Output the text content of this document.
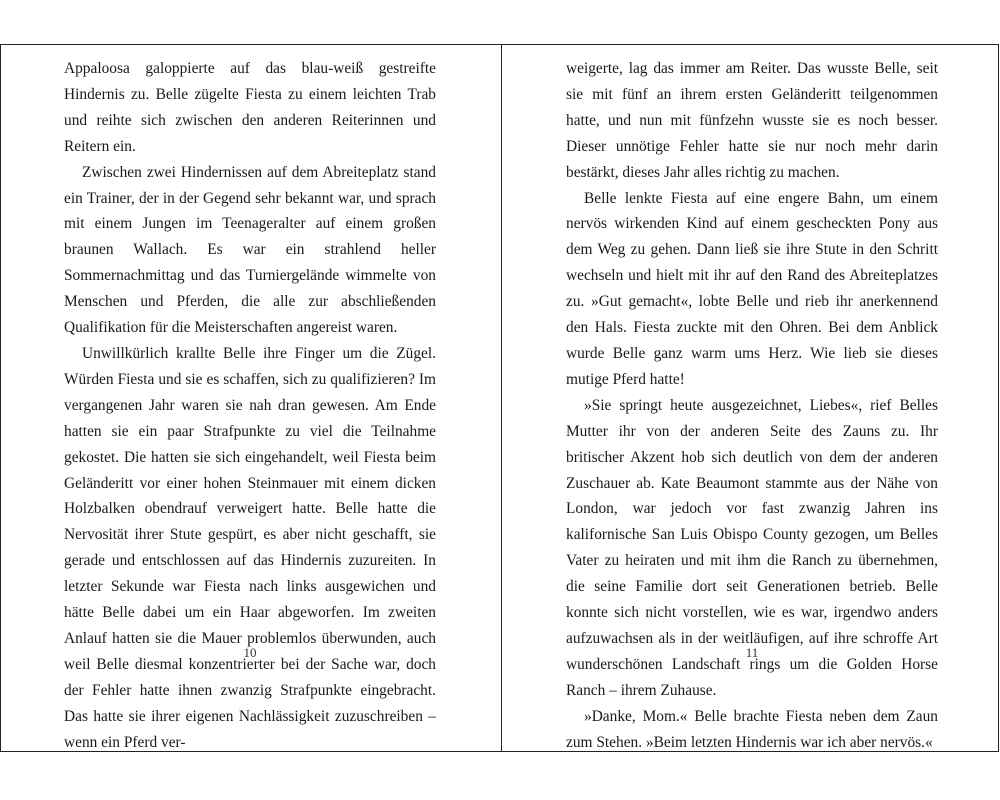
Appaloosa galoppierte auf das blau-weiß gestreifte Hindernis zu. Belle zügelte Fiesta zu einem leichten Trab und reihte sich zwischen den anderen Reiterinnen und Reitern ein.

Zwischen zwei Hindernissen auf dem Abreiteplatz stand ein Trainer, der in der Gegend sehr bekannt war, und sprach mit einem Jungen im Teenageralter auf einem großen braunen Wallach. Es war ein strahlend heller Sommernachmittag und das Turniergelände wimmelte von Menschen und Pferden, die alle zur abschließenden Qualifikation für die Meisterschaften angereist waren.

Unwillkürlich krallte Belle ihre Finger um die Zügel. Würden Fiesta und sie es schaffen, sich zu qualifizieren? Im vergangenen Jahr waren sie nah dran gewesen. Am Ende hatten sie ein paar Strafpunkte zu viel die Teilnahme gekostet. Die hatten sie sich eingehandelt, weil Fiesta beim Geländeritt vor einer hohen Steinmauer mit einem dicken Holzbalken obendrauf verweigert hatte. Belle hatte die Nervosität ihrer Stute gespürt, es aber nicht geschafft, sie gerade und entschlossen auf das Hindernis zuzureiten. In letzter Sekunde war Fiesta nach links ausgewichen und hätte Belle dabei um ein Haar abgeworfen. Im zweiten Anlauf hatten sie die Mauer problemlos überwunden, auch weil Belle diesmal konzentrierter bei der Sache war, doch der Fehler hatte ihnen zwanzig Strafpunkte eingebracht. Das hatte sie ihrer eigenen Nachlässigkeit zuzuschreiben – wenn ein Pferd ver-

10

weigerte, lag das immer am Reiter. Das wusste Belle, seit sie mit fünf an ihrem ersten Geländeritt teilgenommen hatte, und nun mit fünfzehn wusste sie es noch besser. Dieser unnötige Fehler hatte sie nur noch mehr darin bestärkt, dieses Jahr alles richtig zu machen.

Belle lenkte Fiesta auf eine engere Bahn, um einem nervös wirkenden Kind auf einem gescheckten Pony aus dem Weg zu gehen. Dann ließ sie ihre Stute in den Schritt wechseln und hielt mit ihr auf den Rand des Abreiteplatzes zu. »Gut gemacht«, lobte Belle und rieb ihr anerkennend den Hals. Fiesta zuckte mit den Ohren. Bei dem Anblick wurde Belle ganz warm ums Herz. Wie lieb sie dieses mutige Pferd hatte!

»Sie springt heute ausgezeichnet, Liebes«, rief Belles Mutter ihr von der anderen Seite des Zauns zu. Ihr britischer Akzent hob sich deutlich von dem der anderen Zuschauer ab. Kate Beaumont stammte aus der Nähe von London, war jedoch vor fast zwanzig Jahren ins kalifornische San Luis Obispo County gezogen, um Belles Vater zu heiraten und mit ihm die Ranch zu übernehmen, die seine Familie dort seit Generationen betrieb. Belle konnte sich nicht vorstellen, wie es war, irgendwo anders aufzuwachsen als in der weitläufigen, auf ihre schroffe Art wunderschönen Landschaft rings um die Golden Horse Ranch – ihrem Zuhause.

»Danke, Mom.« Belle brachte Fiesta neben dem Zaun zum Stehen. »Beim letzten Hindernis war ich aber nervös.«

11
